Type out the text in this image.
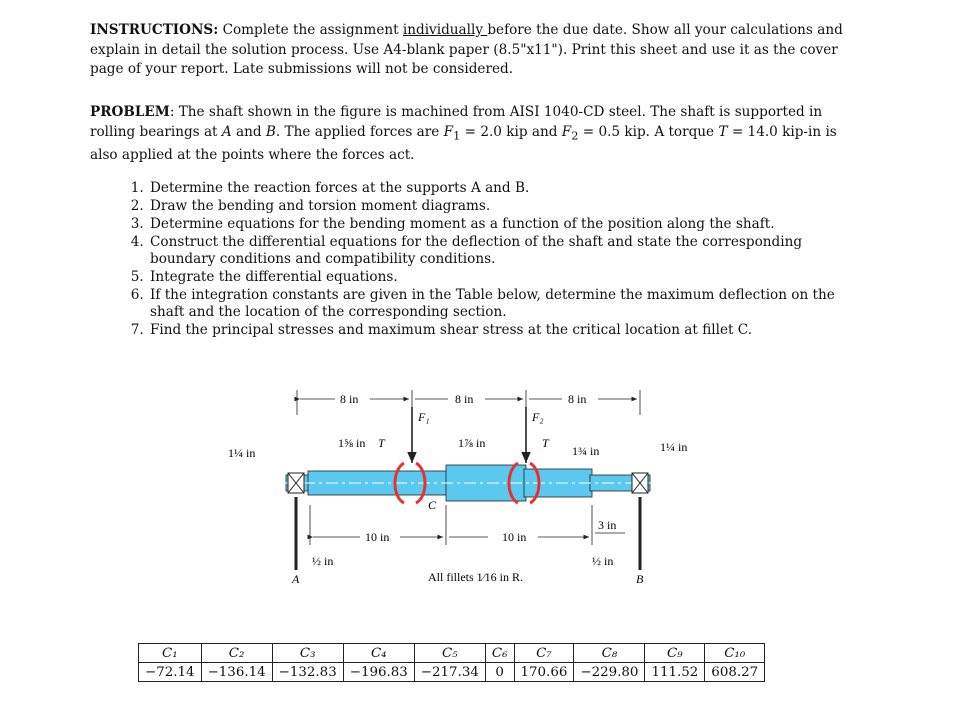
INSTRUCTIONS: Complete the assignment individually before the due date. Show all your calculations and explain in detail the solution process. Use A4-blank paper (8.5"x11"). Print this sheet and use it as the cover page of your report. Late submissions will not be considered.

PROBLEM: The shaft shown in the figure is machined from AISI 1040-CD steel. The shaft is supported in rolling bearings at A and B. The applied forces are $F_1 = 2.0$ kip and $F_2 = 0.5$ kip. A torque T = 14.0 kip-in is also applied at the points where the forces act.

1. Determine the reaction forces at the supports A and B.
2. Draw the bending and torsion moment diagrams.
3. Determine equations for the bending moment as a function of the position along the shaft.
4. Construct the differential equations for the deflection of the shaft and state the corresponding boundary conditions and compatibility conditions.
5. Integrate the differential equations.
6. If the integration constants are given in the Table below, determine the maximum deflection on the shaft and the location of the corresponding section.
7. Find the principal stresses and maximum shear stress at the critical location at fillet C.
8 in	8 in	8 in
F₁	F₂
1¼ in
1⅝ in T	1⅞ in	T
1¾ in	1¼ in
A	B
C
10 in	10 in
3 in
½ in	½ in
All fillets 1⁄16 in R.
C₁	C₂	C₃	C₄	C₅	C₆	C₇	C₈	C₉	C₁₀
−72.14	−136.14	−132.83	−196.83	−217.34	0	170.66	−229.80	111.52	608.27
